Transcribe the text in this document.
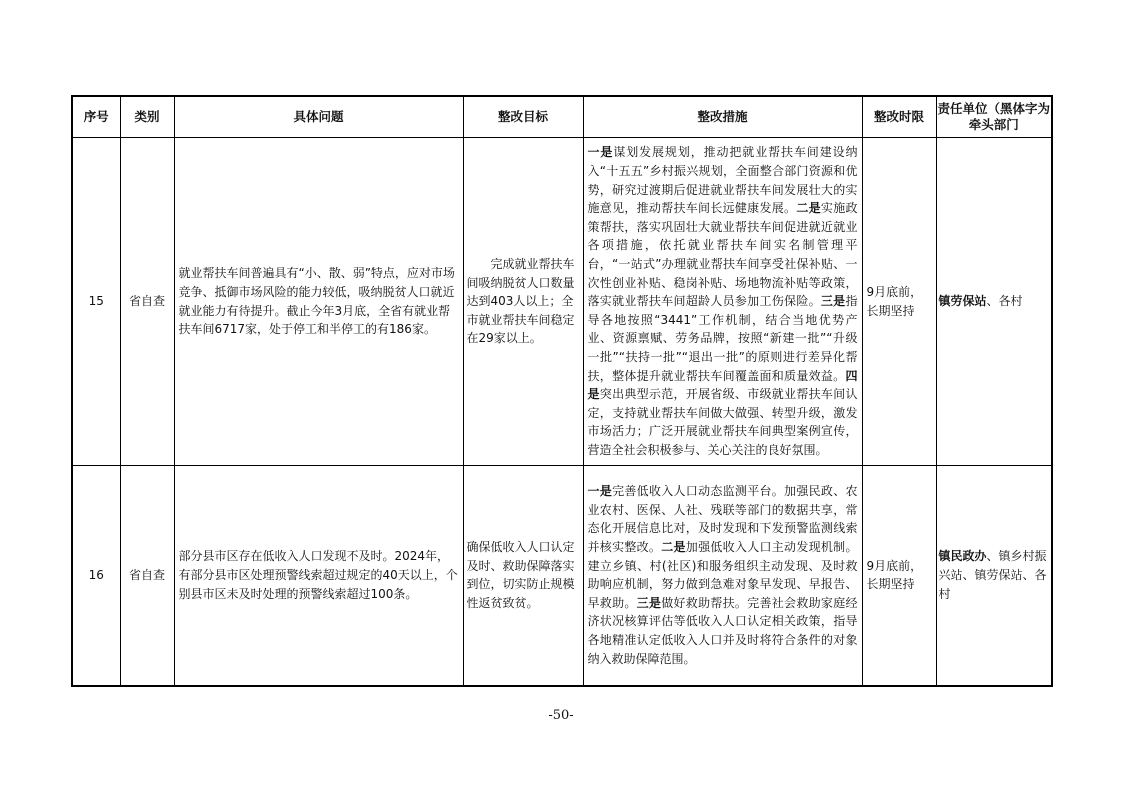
序号	类别	具体问题	整改目标	整改措施	整改时限	责任单位（黑体字为牵头部门
15	省自查	就业帮扶车间普遍具有“小、散、弱”特点，应对市场竞争、抵御市场风险的能力较低，吸纳脱贫人口就近就业能力有待提升。截止今年3月底，全省有就业帮扶车间6717家，处于停工和半停工的有186家。	完成就业帮扶车间吸纳脱贫人口数量达到403人以上；全市就业帮扶车间稳定在29家以上。	一是谋划发展规划，推动把就业帮扶车间建设纳入“十五五”乡村振兴规划，全面整合部门资源和优势，研究过渡期后促进就业帮扶车间发展壮大的实施意见，推动帮扶车间长远健康发展。二是实施政策帮扶，落实巩固壮大就业帮扶车间促进就近就业各项措施，依托就业帮扶车间实名制管理平台，“一站式”办理就业帮扶车间享受社保补贴、一次性创业补贴、稳岗补贴、场地物流补贴等政策，落实就业帮扶车间超龄人员参加工伤保险。三是指导各地按照“3441”工作机制，结合当地优势产业、资源禀赋、劳务品牌，按照“新建一批”“升级一批”“扶持一批”“退出一批”的原则进行差异化帮扶，整体提升就业帮扶车间覆盖面和质量效益。四是突出典型示范，开展省级、市级就业帮扶车间认定，支持就业帮扶车间做大做强、转型升级，激发市场活力；广泛开展就业帮扶车间典型案例宣传，营造全社会积极参与、关心关注的良好氛围。	9月底前，长期坚持	镇劳保站、各村
16	省自查	部分县市区存在低收入人口发现不及时。2024年，有部分县市区处理预警线索超过规定的40天以上，个别县市区未及时处理的预警线索超过100条。	确保低收入人口认定及时、救助保障落实到位，切实防止规模性返贫致贫。	一是完善低收入人口动态监测平台。加强民政、农业农村、医保、人社、残联等部门的数据共享，常态化开展信息比对，及时发现和下发预警监测线索并核实整改。二是加强低收入人口主动发现机制。建立乡镇、村(社区)和服务组织主动发现、及时救助响应机制，努力做到急难对象早发现、早报告、早救助。三是做好救助帮扶。完善社会救助家庭经济状况核算评估等低收入人口认定相关政策，指导各地精准认定低收入人口并及时将符合条件的对象纳入救助保障范围。	9月底前，长期坚持	镇民政办、镇乡村振兴站、镇劳保站、各村
-50-
